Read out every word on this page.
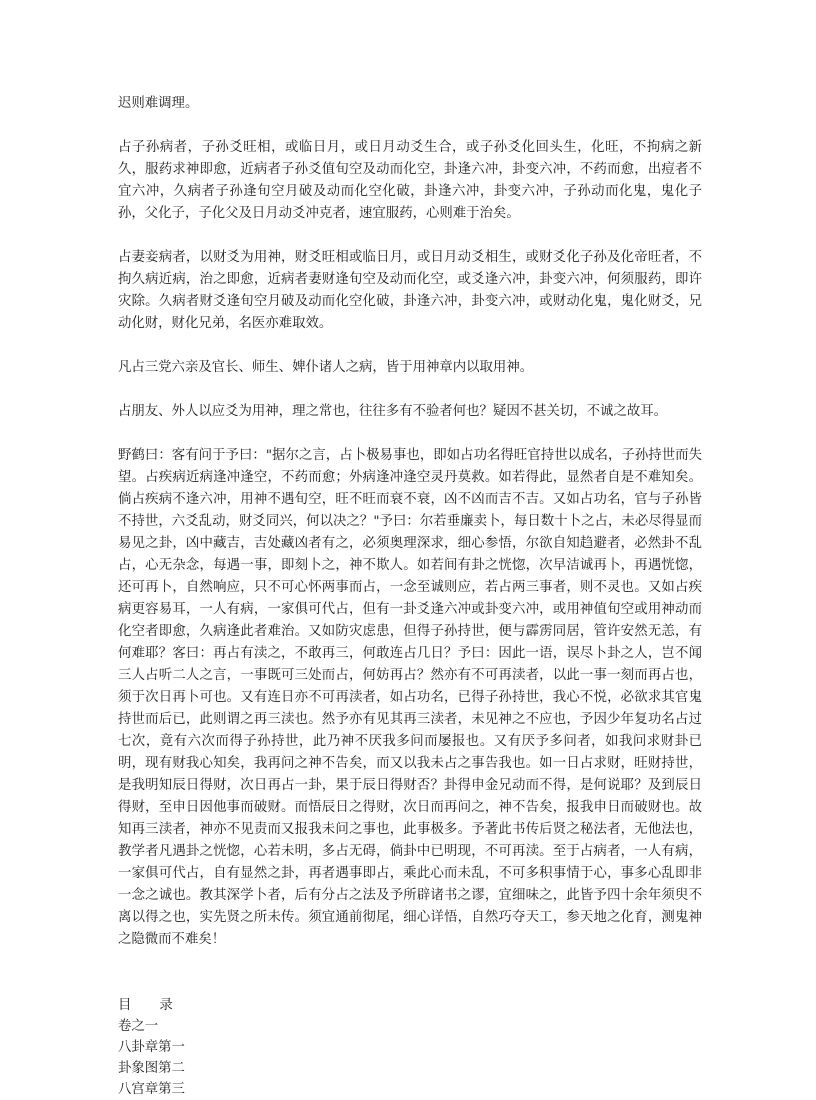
迟则难调理。

占子孙病者，子孙爻旺相，或临日月，或日月动爻生合，或子孙爻化回头生，化旺，不拘病之新久，服药求神即愈，近病者子孙爻值旬空及动而化空，卦逢六冲，卦变六冲，不药而愈，出痘者不宜六冲，久病者子孙逢旬空月破及动而化空化破，卦逢六冲，卦变六冲，子孙动而化鬼，鬼化子孙，父化子，子化父及日月动爻冲克者，速宜服药，心则难于治矣。

占妻妾病者，以财爻为用神，财爻旺相或临日月，或日月动爻相生，或财爻化子孙及化帝旺者，不拘久病近病，治之即愈，近病者妻财逢旬空及动而化空，或爻逢六冲，卦变六冲，何须服药，即许灾除。久病者财爻逢旬空月破及动而化空化破，卦逢六冲，卦变六冲，或财动化鬼，鬼化财爻，兄动化财，财化兄弟，名医亦难取效。

凡占三党六亲及官长、师生、婢仆诸人之病，皆于用神章内以取用神。

占朋友、外人以应爻为用神，理之常也，往往多有不验者何也？疑因不甚关切，不诚之故耳。

野鹤曰：客有问于予曰："据尔之言，占卜极易事也，即如占功名得旺官持世以成名，子孙持世而失望。占疾病近病逢冲逢空，不药而愈；外病逢冲逢空灵丹莫救。如若得此，显然者自是不难知矣。倘占疾病不逢六冲，用神不遇旬空，旺不旺而衰不衰，凶不凶而吉不吉。又如占功名，官与子孙皆不持世，六爻乱动，财爻同兴，何以决之？"予曰：尔若垂廉卖卜，每日数十卜之占，未必尽得显而易见之卦，凶中藏吉，吉处藏凶者有之，必须奥理深求，细心参悟，尔欲自知趋避者，必然卦不乱占，心无杂念，每遇一事，即刻卜之，神不欺人。如若间有卦之恍惚，次早洁诚再卜，再遇恍惚，还可再卜，自然响应，只不可心怀两事而占，一念至诚则应，若占两三事者，则不灵也。又如占疾病更容易耳，一人有病，一家俱可代占，但有一卦爻逢六冲或卦变六冲，或用神值旬空或用神动而化空者即愈，久病逢此者难治。又如防灾虑患，但得子孙持世，便与霹雳同居，管许安然无恙，有何难耶？客曰：再占有渎之，不敢再三，何敢连占几日？予曰：因此一语，误尽卜卦之人，岂不闻三人占听二人之言，一事既可三处而占，何妨再占？然亦有不可再渎者，以此一事一刻而再占也，须于次日再卜可也。又有连日亦不可再渎者，如占功名，已得子孙持世，我心不悦，必欲求其官鬼持世而后已，此则谓之再三渎也。然予亦有见其再三渎者，未见神之不应也，予因少年复功名占过七次，竟有六次而得子孙持世，此乃神不厌我多问而屡报也。又有厌予多问者，如我问求财卦已明，现有财我心知矣，我再问之神不告矣，而又以我未占之事告我也。如一日占求财，旺财持世，是我明知辰日得财，次日再占一卦，果于辰日得财否？卦得申金兄动而不得，是何说耶？及到辰日得财，至申日因他事而破财。而悟辰日之得财，次日而再问之，神不告矣，报我申日而破财也。故知再三渎者，神亦不见责而又报我未问之事也，此事极多。予著此书传后贤之秘法者，无他法也，教学者凡遇卦之恍惚，心若未明，多占无碍，倘卦中已明现，不可再渎。至于占病者，一人有病，一家俱可代占，自有显然之卦，再者遇事即占，乘此心而未乱，不可多积事情于心，事多心乱即非一念之诚也。教其深学卜者，后有分占之法及予所辟诸书之谬，宜细味之，此皆予四十余年须臾不离以得之也，实先贤之所未传。须宜通前彻尾，细心详悟，自然巧夺天工，参天地之化育，测鬼神之隐微而不难矣！

目 录
卷之一
八卦章第一
卦象图第二
八宫章第三
